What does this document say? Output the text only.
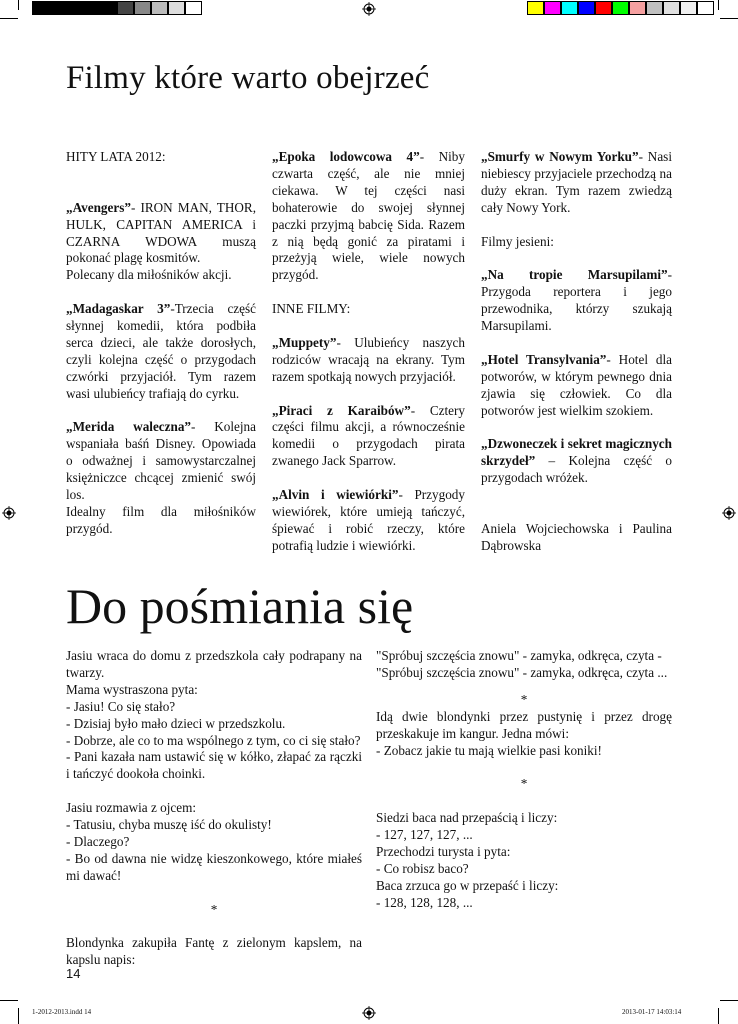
Filmy które warto obejrzeć

HITY LATA 2012:

„Avengers”- IRON MAN, THOR, HULK, CAPITAN AMERICA i CZARNA WDOWA muszą pokonać plagę kosmitów.

Polecany dla miłośników akcji.

„Madagaskar 3”-Trzecia część słynnej komedii, która podbiła serca dzieci, ale także dorosłych, czyli kolejna część o przygodach czwórki przyjaciół. Tym razem wasi ulubieńcy trafiają do cyrku.

„Merida waleczna”- Kolejna wspaniała baśń Disney. Opowiada o odważnej i samowystarczalnej księżniczce chcącej zmienić swój los.

Idealny film dla miłośników przygód.

„Epoka lodowcowa 4”- Niby czwarta część, ale nie mniej ciekawa. W tej części nasi bohaterowie do swojej słynnej paczki przyjmą babcię Sida. Razem z nią będą gonić za piratami i przeżyją wiele, wiele nowych przygód.

INNE FILMY:

„Muppety”- Ulubieńcy naszych rodziców wracają na ekrany. Tym razem spotkają nowych przyjaciół.

„Piraci z Karaibów”- Cztery części filmu akcji, a równocześnie komedii o przygodach pirata zwanego Jack Sparrow.

„Alvin i wiewiórki”- Przygody wiewiórek, które umieją tańczyć, śpiewać i robić rzeczy, które potrafią ludzie i wiewiórki.

„Smurfy w Nowym Yorku”- Nasi niebiescy przyjaciele przechodzą na duży ekran. Tym razem zwiedzą cały Nowy York.

Filmy jesieni:

„Na tropie Marsupilami”- Przygoda reportera i jego przewodnika, którzy szukają Marsupilami.

„Hotel Transylvania”- Hotel dla potworów, w którym pewnego dnia zjawia się człowiek. Co dla potworów jest wielkim szokiem.

„Dzwoneczek i sekret magicznych skrzydeł” – Kolejna część o przygodach wróżek.

Aniela Wojciechowska i Paulina Dąbrowska

Do pośmiania się

Jasiu wraca do domu z przedszkola cały podrapany na twarzy.

Mama wystraszona pyta:

- Jasiu! Co się stało?

- Dzisiaj było mało dzieci w przedszkolu.

- Dobrze, ale co to ma wspólnego z tym, co ci się stało?

- Pani kazała nam ustawić się w kółko, złapać za rączki i tańczyć dookoła choinki.

Jasiu rozmawia z ojcem:

- Tatusiu, chyba muszę iść do okulisty!

- Dlaczego?

- Bo od dawna nie widzę kieszonkowego, które miałeś mi dawać!

*

Blondynka zakupiła Fantę z zielonym kapslem, na kapslu napis:

"Spróbuj szczęścia znowu" - zamyka, odkręca, czyta -

"Spróbuj szczęścia znowu" - zamyka, odkręca, czyta ...

*

Idą dwie blondynki przez pustynię i przez drogę przeskakuje im kangur. Jedna mówi:

- Zobacz jakie tu mają wielkie pasi koniki!

*

Siedzi baca nad przepaścią i liczy:

- 127, 127, 127, ...

Przechodzi turysta i pyta:

- Co robisz baco?

Baca zrzuca go w przepaść i liczy:

- 128, 128, 128, ...

14
1-2012-2013.indd 14	2013-01-17 14:03:14
